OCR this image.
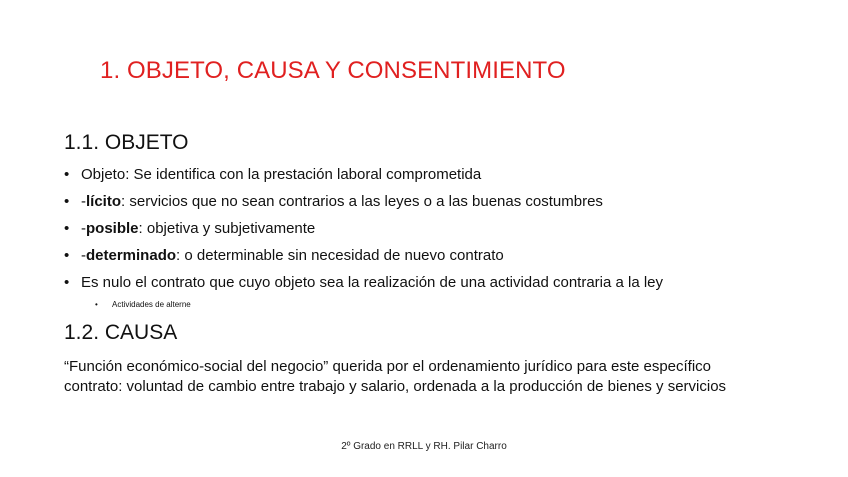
1. OBJETO, CAUSA Y CONSENTIMIENTO
1.1. OBJETO
• Objeto: Se identifica con la prestación laboral comprometida
• -lícito: servicios que no sean contrarios a las leyes o a las buenas costumbres
• -posible: objetiva y subjetivamente
• -determinado: o determinable sin necesidad de nuevo contrato
• Es nulo el contrato que cuyo objeto sea la realización de una actividad contraria a la ley
• Actividades de alterne
1.2. CAUSA
“Función económico-social del negocio” querida por el ordenamiento jurídico para este específico
contrato: voluntad de cambio entre trabajo y salario, ordenada a la producción de bienes y servicios
2º Grado en RRLL y RH. Pilar Charro
